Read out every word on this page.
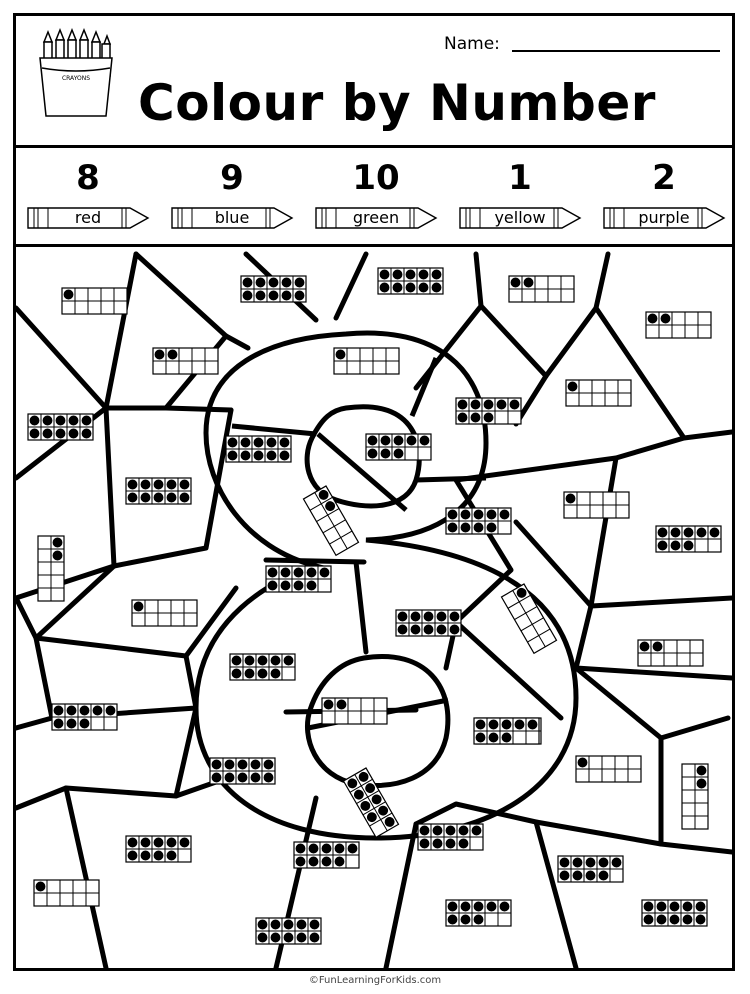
CRAYONS
Name:
Colour by Number
8
red
9
blue
10
green
1
yellow
2
purple
©FunLearningForKids.com
